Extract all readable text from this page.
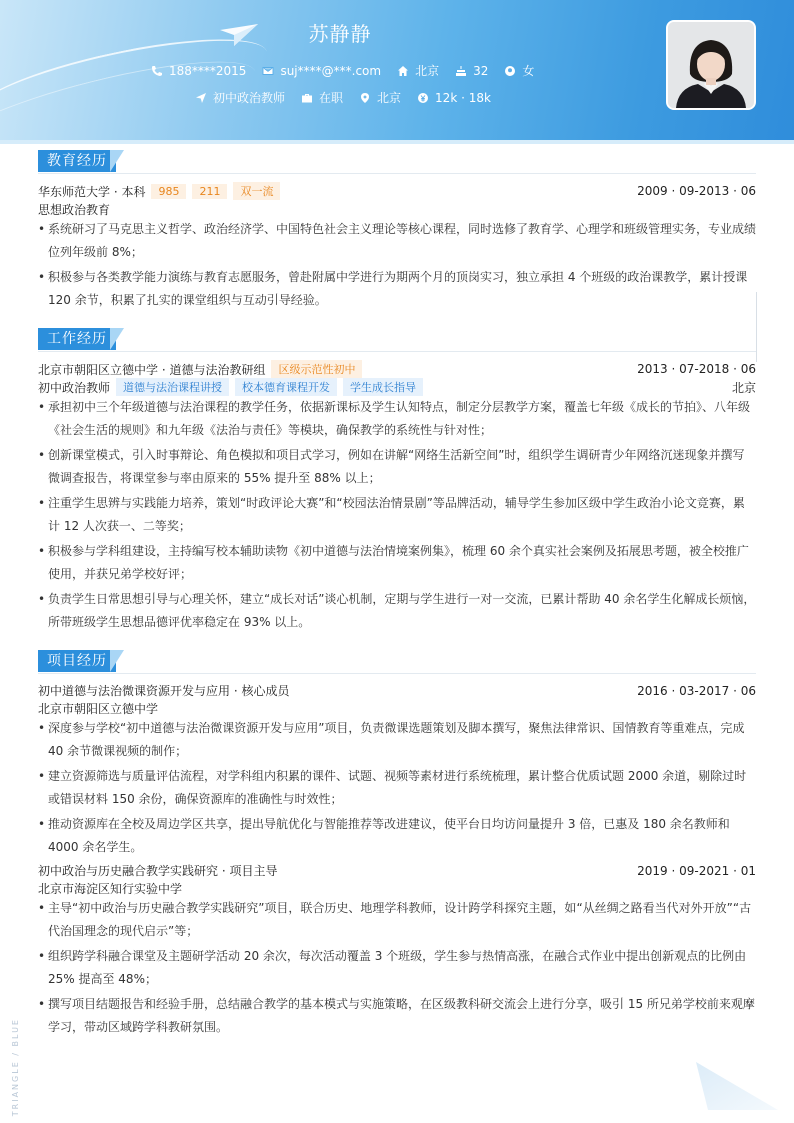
苏静静
188****2015	suj****@***.com	北京	32	女
初中政治教师	在职	北京	12k · 18k
教育经历
华东师范大学 · 本科	985	211	双一流	2009 · 09-2013 · 06
思想政治教育
• 系统研习了马克思主义哲学、政治经济学、中国特色社会主义理论等核心课程，同时选修了教育学、心理学和班级管理实务，专业成绩位列年级前 8%；
• 积极参与各类教学能力演练与教育志愿服务，曾赴附属中学进行为期两个月的顶岗实习，独立承担 4 个班级的政治课教学，累计授课 120 余节，积累了扎实的课堂组织与互动引导经验。
工作经历
北京市朝阳区立德中学 · 道德与法治教研组	区级示范性初中	2013 · 07-2018 · 06
初中政治教师	道德与法治课程讲授	校本德育课程开发	学生成长指导	北京
• 承担初中三个年级道德与法治课程的教学任务，依据新课标及学生认知特点，制定分层教学方案，覆盖七年级《成长的节拍》、八年级《社会生活的规则》和九年级《法治与责任》等模块，确保教学的系统性与针对性；
• 创新课堂模式，引入时事辩论、角色模拟和项目式学习，例如在讲解“网络生活新空间”时，组织学生调研青少年网络沉迷现象并撰写微调查报告，将课堂参与率由原来的 55% 提升至 88% 以上；
• 注重学生思辨与实践能力培养，策划“时政评论大赛”和“校园法治情景剧”等品牌活动，辅导学生参加区级中学生政治小论文竞赛，累计 12 人次获一、二等奖；
• 积极参与学科组建设，主持编写校本辅助读物《初中道德与法治情境案例集》，梳理 60 余个真实社会案例及拓展思考题，被全校推广使用，并获兄弟学校好评；
• 负责学生日常思想引导与心理关怀，建立“成长对话”谈心机制，定期与学生进行一对一交流，已累计帮助 40 余名学生化解成长烦恼，所带班级学生思想品德评优率稳定在 93% 以上。
项目经历
初中道德与法治微课资源开发与应用 · 核心成员	2016 · 03-2017 · 06
北京市朝阳区立德中学
• 深度参与学校“初中道德与法治微课资源开发与应用”项目，负责微课选题策划及脚本撰写，聚焦法律常识、国情教育等重难点，完成 40 余节微课视频的制作；
• 建立资源筛选与质量评估流程，对学科组内积累的课件、试题、视频等素材进行系统梳理，累计整合优质试题 2000 余道，剔除过时或错误材料 150 余份，确保资源库的准确性与时效性；
• 推动资源库在全校及周边学区共享，提出导航优化与智能推荐等改进建议，使平台日均访问量提升 3 倍，已惠及 180 余名教师和 4000 余名学生。
初中政治与历史融合教学实践研究 · 项目主导	2019 · 09-2021 · 01
北京市海淀区知行实验中学
• 主导“初中政治与历史融合教学实践研究”项目，联合历史、地理学科教师，设计跨学科探究主题，如“从丝绸之路看当代对外开放”“古代治国理念的现代启示”等；
• 组织跨学科融合课堂及主题研学活动 20 余次，每次活动覆盖 3 个班级，学生参与热情高涨，在融合式作业中提出创新观点的比例由 25% 提高至 48%；
• 撰写项目结题报告和经验手册，总结融合教学的基本模式与实施策略，在区级教科研交流会上进行分享，吸引 15 所兄弟学校前来观摩学习，带动区域跨学科教研氛围。
TRIANGLE / BLUE
